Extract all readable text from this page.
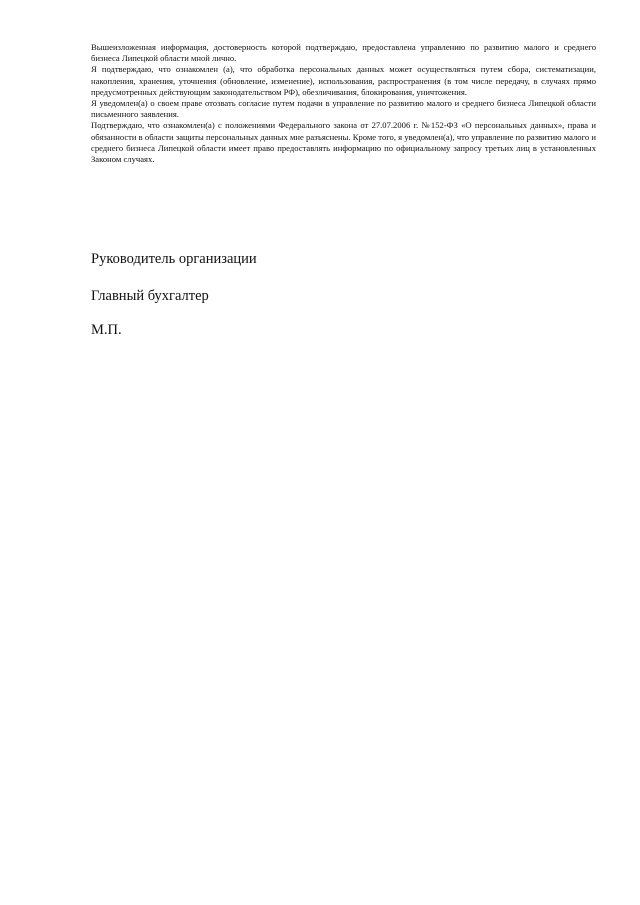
Вышеизложенная информация, достоверность которой подтверждаю, предоставлена управлению по развитию малого и среднего бизнеса Липецкой области мной лично.

Я подтверждаю, что ознакомлен (а), что обработка персональных данных может осуществляться путем сбора, систематизации, накопления, хранения, уточнения (обновление, изменение), использования, распространения (в том числе передачу, в случаях прямо предусмотренных действующим законодательством РФ), обезличивания, блокирования, уничтожения.

Я уведомлен(а) о своем праве отозвать согласие путем подачи в управление по развитию малого и среднего бизнеса Липецкой области письменного заявления.

Подтверждаю, что ознакомлен(а) с положениями Федерального закона от 27.07.2006 г. №152-ФЗ «О персональных данных», права и обязанности в области защиты персональных данных мне разъяснены. Кроме того, я уведомлен(а), что управление по развитию малого и среднего бизнеса Липецкой области имеет право предоставлять информацию по официальному запросу третьих лиц в установленных Законом случаях.

Руководитель организации

Главный бухгалтер

М.П.
